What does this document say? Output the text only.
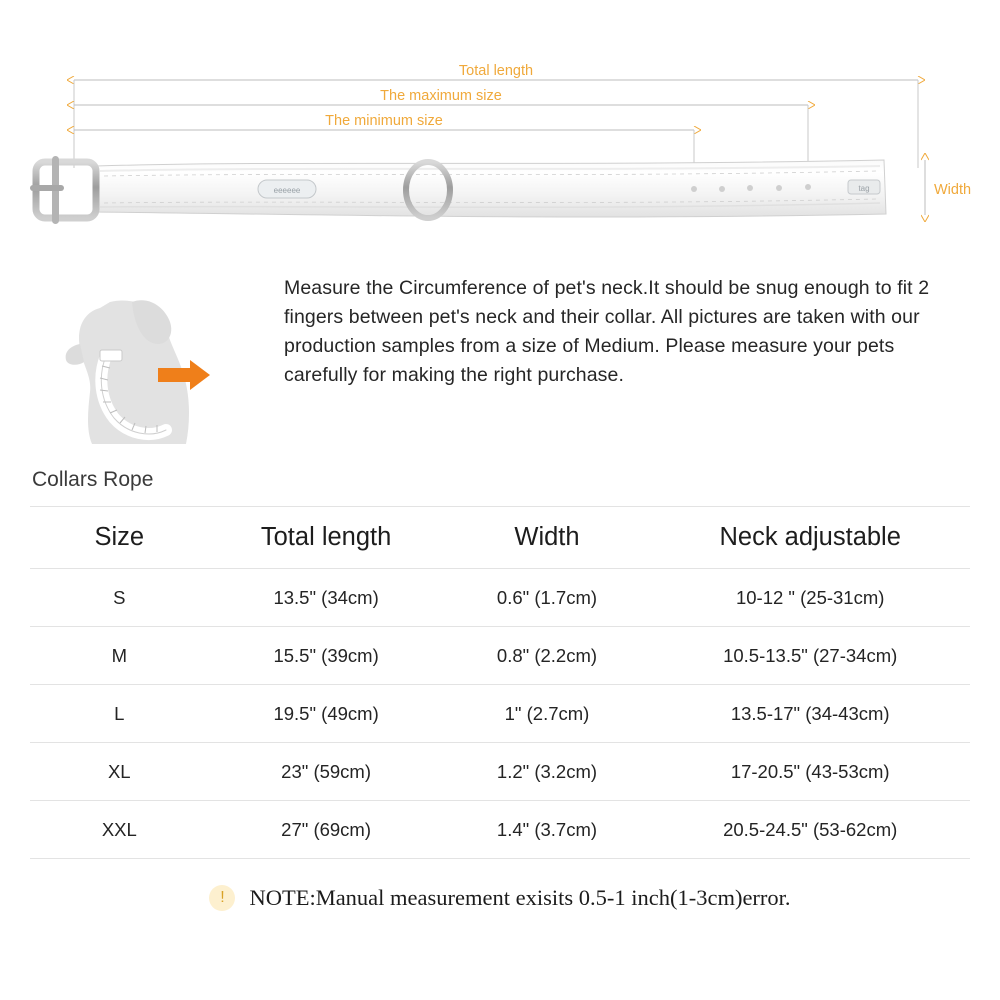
eeeeee	tag
Total length
The maximum size
The minimum size
Width
Measure the Circumference of pet's neck.It should be snug enough to fit 2 fingers between pet's neck and their collar. All pictures are taken with our production samples from a size of Medium. Please measure your pets carefully for making the right purchase.
Collars Rope
Size	Total length	Width	Neck adjustable
S	13.5" (34cm)	0.6" (1.7cm)	10-12 " (25-31cm)
M	15.5" (39cm)	0.8" (2.2cm)	10.5-13.5" (27-34cm)
L	19.5" (49cm)	1" (2.7cm)	13.5-17" (34-43cm)
XL	23" (59cm)	1.2" (3.2cm)	17-20.5" (43-53cm)
XXL	27" (69cm)	1.4" (3.7cm)	20.5-24.5" (53-62cm)
!	NOTE:Manual measurement exisits 0.5-1 inch(1-3cm)error.
